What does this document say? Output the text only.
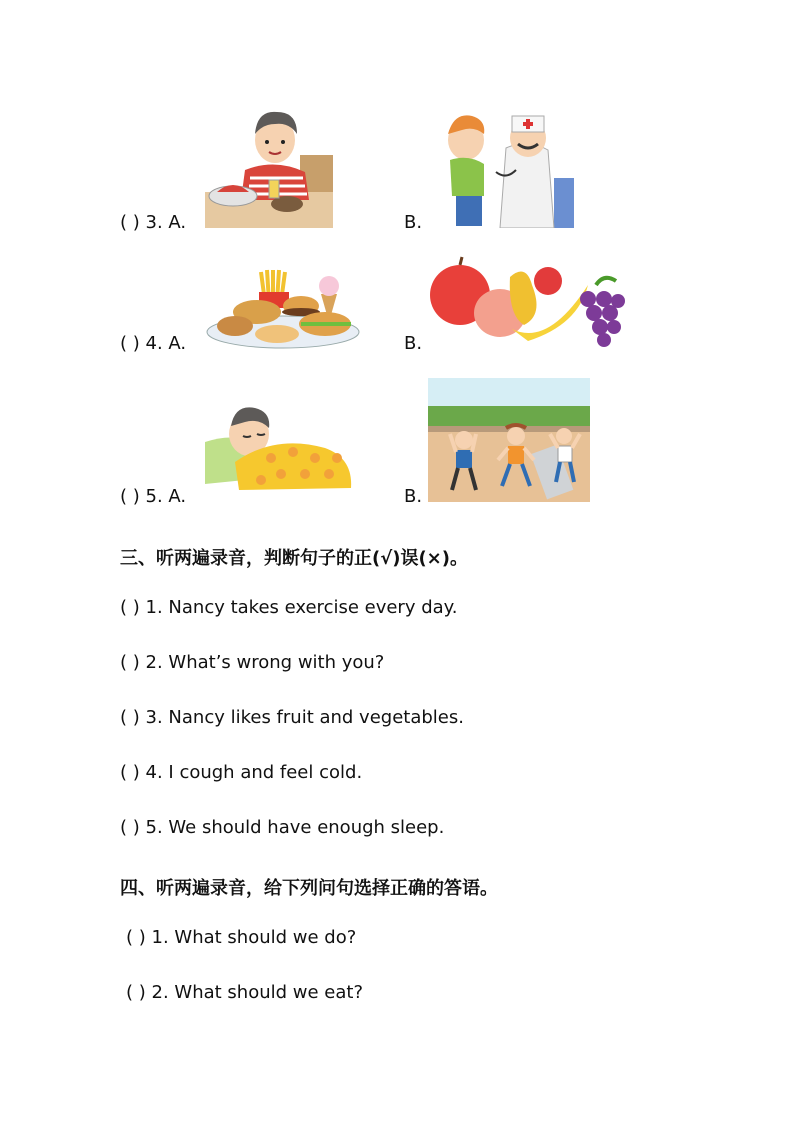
( ) 3. A.	B.
( ) 4. A.	B.
( ) 5. A.	B.
三、听两遍录音，判断句子的正(√)误(×)。
( ) 1. Nancy takes exercise every day.
( ) 2. What’s wrong with you?
( ) 3. Nancy likes fruit and vegetables.
( ) 4. I cough and feel cold.
( ) 5. We should have enough sleep.
四、听两遍录音，给下列问句选择正确的答语。
( ) 1. What should we do?
( ) 2. What should we eat?
